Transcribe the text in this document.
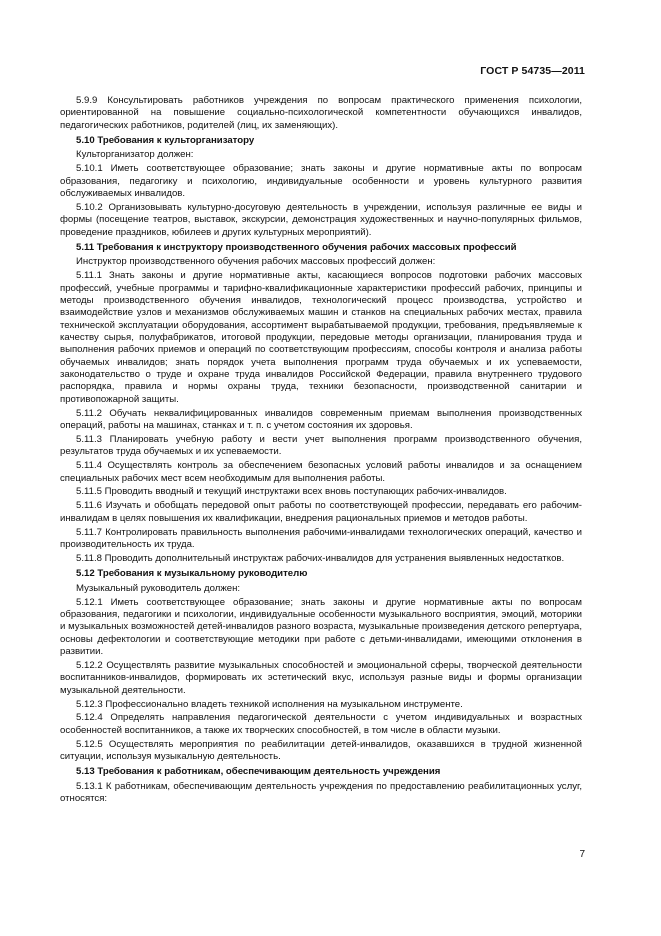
ГОСТ Р 54735—2011

5.9.9 Консультировать работников учреждения по вопросам практического применения психологии, ориентированной на повышение социально-психологической компетентности обучающихся инвалидов, педагогических работников, родителей (лиц, их заменяющих).

5.10 Требования к культорганизатору

Культорганизатор должен:

5.10.1 Иметь соответствующее образование; знать законы и другие нормативные акты по вопросам образования, педагогику и психологию, индивидуальные особенности и уровень культурного развития обслуживаемых инвалидов.

5.10.2 Организовывать культурно-досуговую деятельность в учреждении, используя различные ее виды и формы (посещение театров, выставок, экскурсии, демонстрация художественных и научно-популярных фильмов, проведение праздников, юбилеев и других культурных мероприятий).

5.11 Требования к инструктору производственного обучения рабочих массовых профессий

Инструктор производственного обучения рабочих массовых профессий должен:

5.11.1 Знать законы и другие нормативные акты, касающиеся вопросов подготовки рабочих массовых профессий, учебные программы и тарифно-квалификационные характеристики профессий рабочих, принципы и методы производственного обучения инвалидов, технологический процесс производства, устройство и взаимодействие узлов и механизмов обслуживаемых машин и станков на специальных рабочих местах, правила технической эксплуатации оборудования, ассортимент вырабатываемой продукции, требования, предъявляемые к качеству сырья, полуфабрикатов, итоговой продукции, передовые методы организации, планирования труда и выполнения рабочих приемов и операций по соответствующим профессиям, способы контроля и анализа работы обучаемых инвалидов; знать порядок учета выполнения программ труда обучаемых и их успеваемости, законодательство о труде и охране труда инвалидов Российской Федерации, правила внутреннего трудового распорядка, правила и нормы охраны труда, техники безопасности, производственной санитарии и противопожарной защиты.

5.11.2 Обучать неквалифицированных инвалидов современным приемам выполнения производственных операций, работы на машинах, станках и т. п. с учетом состояния их здоровья.

5.11.3 Планировать учебную работу и вести учет выполнения программ производственного обучения, результатов труда обучаемых и их успеваемости.

5.11.4 Осуществлять контроль за обеспечением безопасных условий работы инвалидов и за оснащением специальных рабочих мест всем необходимым для выполнения работы.

5.11.5 Проводить вводный и текущий инструктажи всех вновь поступающих рабочих-инвалидов.

5.11.6 Изучать и обобщать передовой опыт работы по соответствующей профессии, передавать его рабочим-инвалидам в целях повышения их квалификации, внедрения рациональных приемов и методов работы.

5.11.7 Контролировать правильность выполнения рабочими-инвалидами технологических операций, качество и производительность их труда.

5.11.8 Проводить дополнительный инструктаж рабочих-инвалидов для устранения выявленных недостатков.

5.12 Требования к музыкальному руководителю

Музыкальный руководитель должен:

5.12.1 Иметь соответствующее образование; знать законы и другие нормативные акты по вопросам образования, педагогики и психологии, индивидуальные особенности музыкального восприятия, эмоций, моторики и музыкальных возможностей детей-инвалидов разного возраста, музыкальные произведения детского репертуара, основы дефектологии и соответствующие методики при работе с детьми-инвалидами, имеющими отклонения в развитии.

5.12.2 Осуществлять развитие музыкальных способностей и эмоциональной сферы, творческой деятельности воспитанников-инвалидов, формировать их эстетический вкус, используя разные виды и формы организации музыкальной деятельности.

5.12.3 Профессионально владеть техникой исполнения на музыкальном инструменте.

5.12.4 Определять направления педагогической деятельности с учетом индивидуальных и возрастных особенностей воспитанников, а также их творческих способностей, в том числе в области музыки.

5.12.5 Осуществлять мероприятия по реабилитации детей-инвалидов, оказавшихся в трудной жизненной ситуации, используя музыкальную деятельность.

5.13 Требования к работникам, обеспечивающим деятельность учреждения

5.13.1 К работникам, обеспечивающим деятельность учреждения по предоставлению реабилитационных услуг, относятся:

7
